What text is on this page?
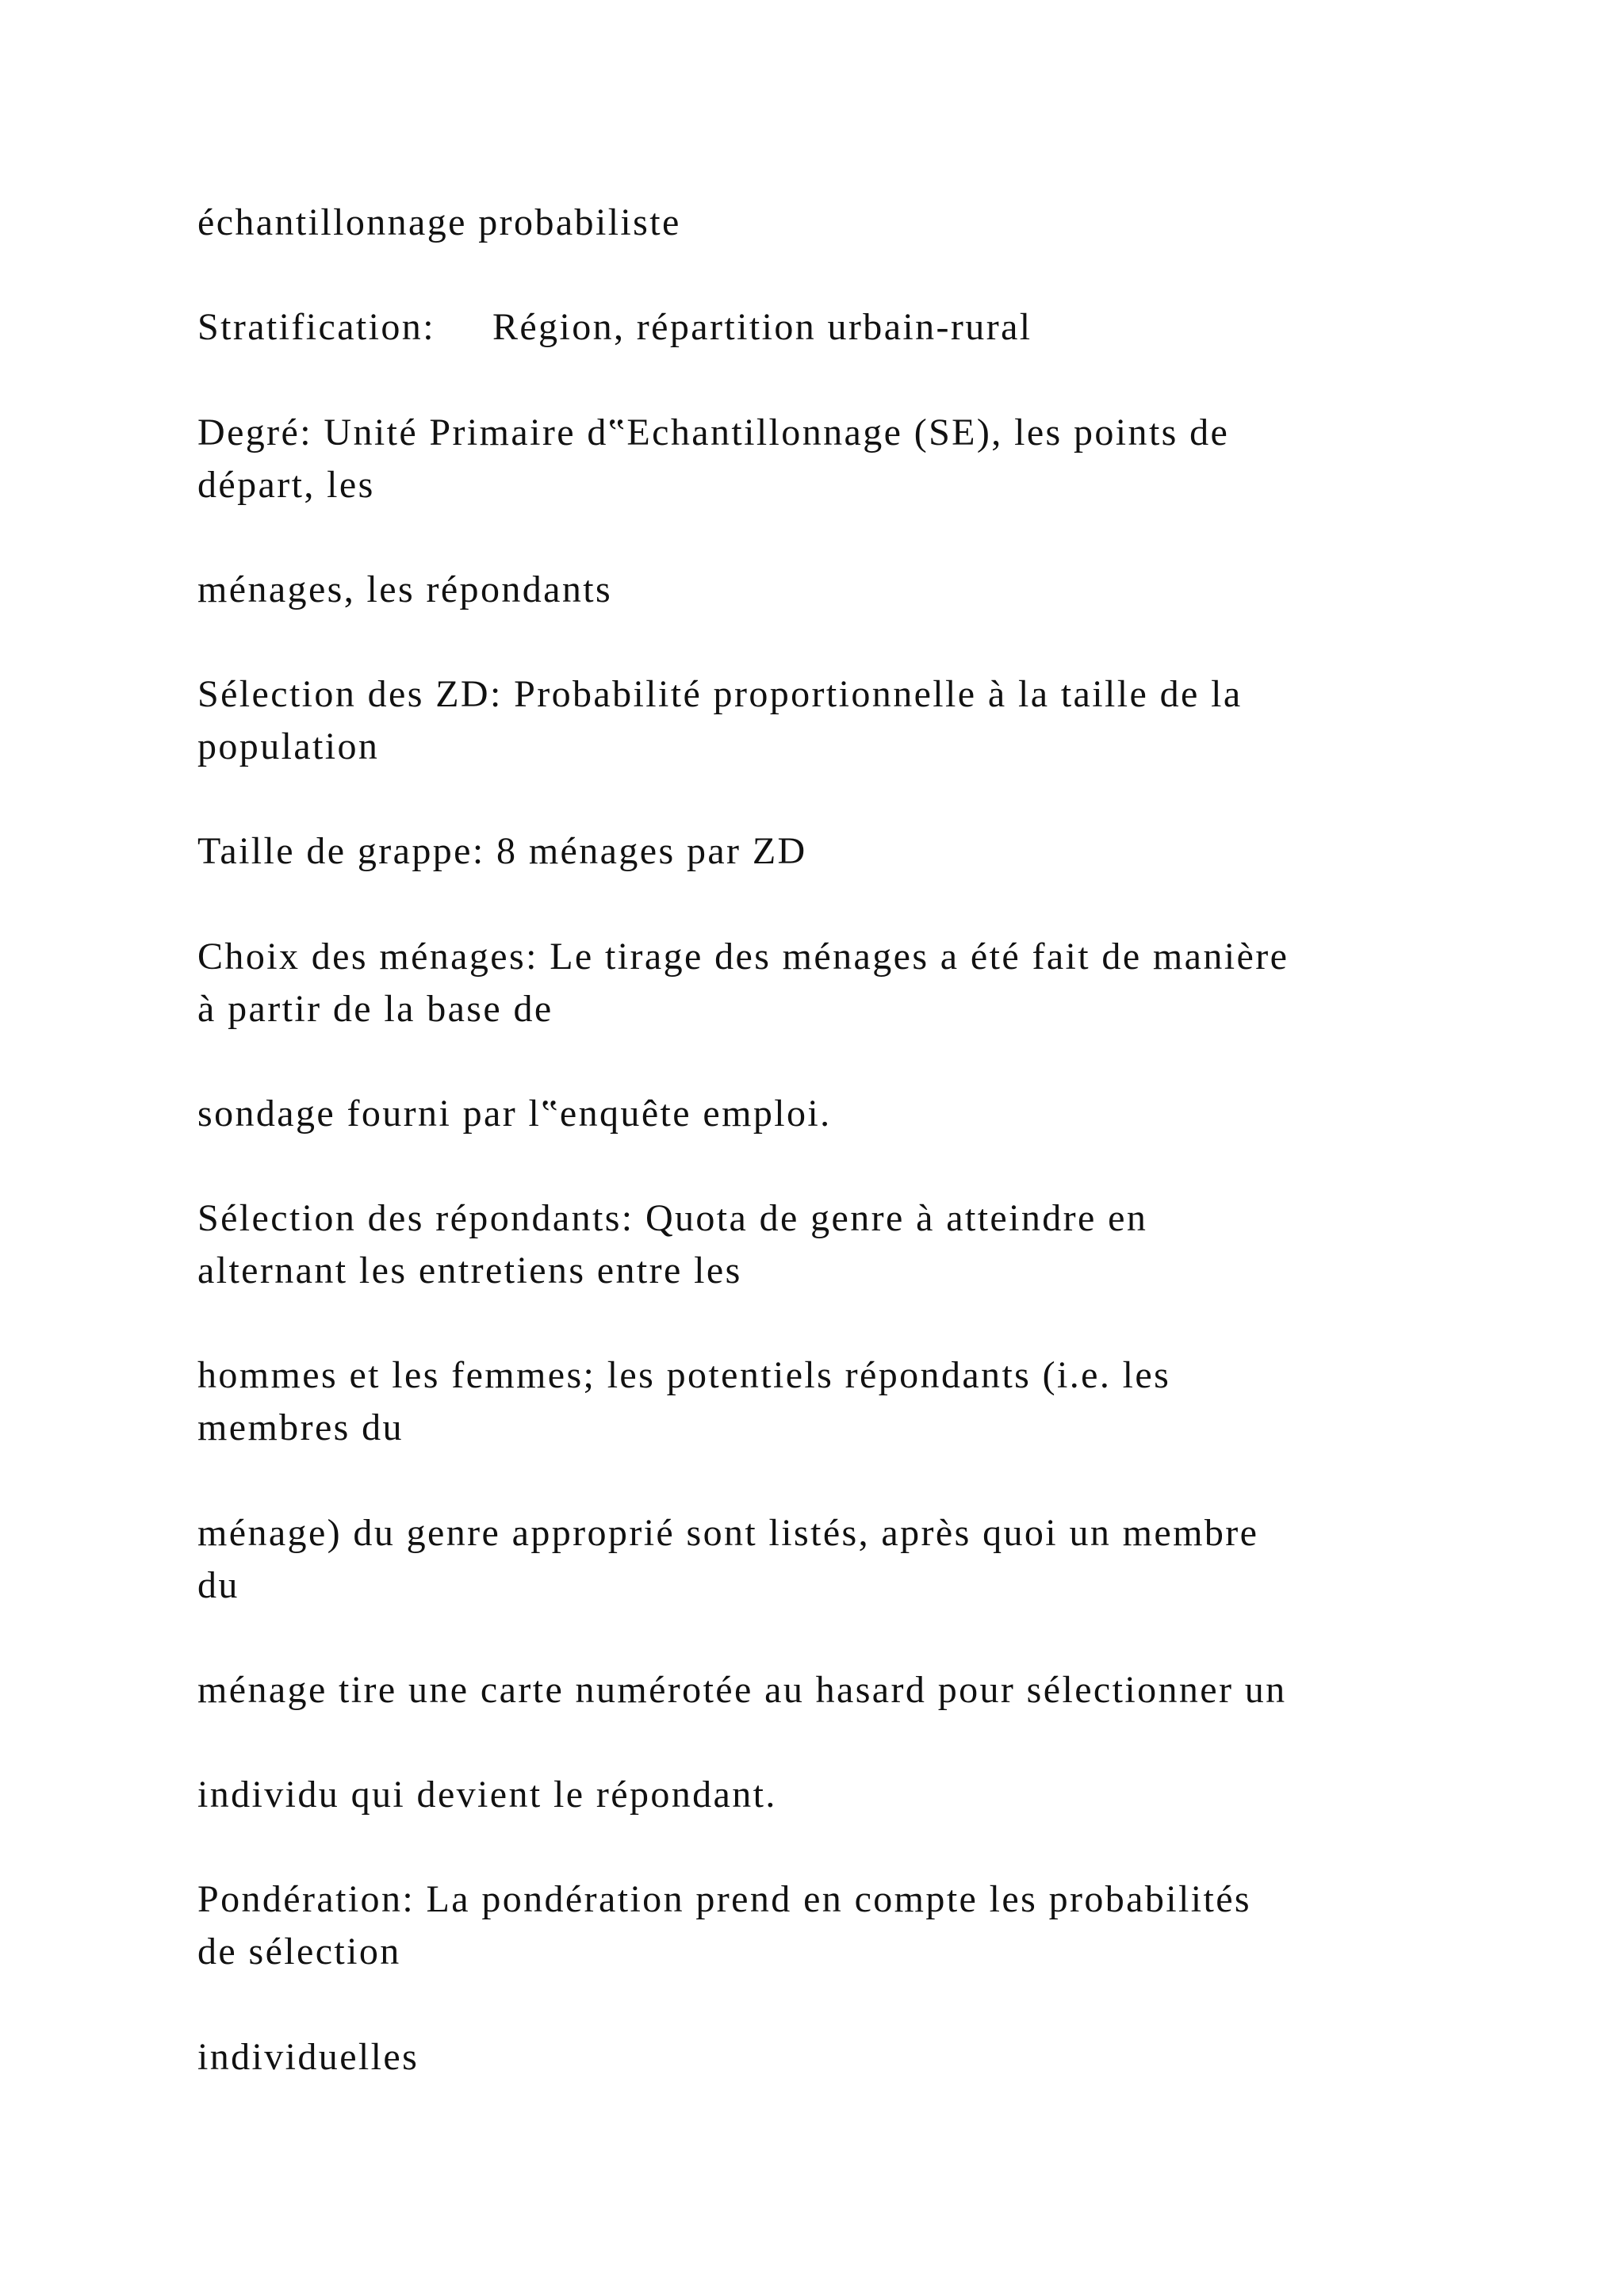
échantillonnage probabiliste

Stratification: Région, répartition urbain-rural

Degré: Unité Primaire d‟Echantillonnage (SE), les points de

départ, les

ménages, les répondants

Sélection des ZD: Probabilité proportionnelle à la taille de la

population

Taille de grappe: 8 ménages par ZD

Choix des ménages: Le tirage des ménages a été fait de manière

à partir de la base de

sondage fourni par l‟enquête emploi.

Sélection des répondants: Quota de genre à atteindre en

alternant les entretiens entre les

hommes et les femmes; les potentiels répondants (i.e. les

membres du

ménage) du genre approprié sont listés, après quoi un membre

du

ménage tire une carte numérotée au hasard pour sélectionner un

individu qui devient le répondant.

Pondération: La pondération prend en compte les probabilités

de sélection

individuelles
